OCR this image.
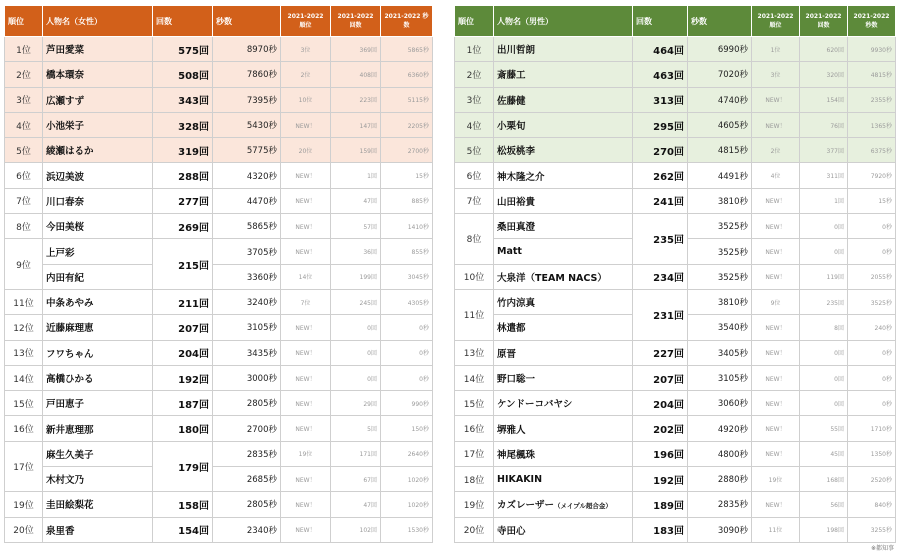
順位	人物名（女性）	回数	秒数	2021-2022 順位	2021-2022 回数	2021-2022 秒数
1位	芦田愛菜	575回	8970秒	3位	369回	5865秒
2位	橋本環奈	508回	7860秒	2位	408回	6360秒
3位	広瀬すず	343回	7395秒	10位	223回	5115秒
4位	小池栄子	328回	5430秒	NEW！	147回	2205秒
5位	綾瀬はるか	319回	5775秒	20位	159回	2700秒
6位	浜辺美波	288回	4320秒	NEW！	1回	15秒
7位	川口春奈	277回	4470秒	NEW！	47回	885秒
8位	今田美桜	269回	5865秒	NEW！	57回	1410秒
9位	上戸彩	215回	3705秒	NEW！	36回	855秒
	内田有紀		3360秒	14位	199回	3045秒
11位	中条あやみ	211回	3240秒	7位	245回	4305秒
12位	近藤麻理恵	207回	3105秒	NEW！	0回	0秒
13位	フワちゃん	204回	3435秒	NEW！	0回	0秒
14位	高橋ひかる	192回	3000秒	NEW！	0回	0秒
15位	戸田恵子	187回	2805秒	NEW！	29回	990秒
16位	新井恵理那	180回	2700秒	NEW！	5回	150秒
17位	麻生久美子	179回	2835秒	19位	171回	2640秒
	木村文乃		2685秒	NEW！	67回	1020秒
19位	圭田絵梨花	158回	2805秒	NEW！	47回	1020秒
20位	泉里香	154回	2340秒	NEW！	102回	1530秒
順位	人物名（男性）	回数	秒数	2021-2022 順位	2021-2022 回数	2021-2022 秒数
1位	出川哲朗	464回	6990秒	1位	620回	9930秒
2位	斎藤工	463回	7020秒	3位	320回	4815秒
3位	佐藤健	313回	4740秒	NEW！	154回	2355秒
4位	小栗旬	295回	4605秒	NEW！	76回	1365秒
5位	松坂桃李	270回	4815秒	2位	377回	6375秒
6位	神木隆之介	262回	4491秒	4位	311回	7920秒
7位	山田裕貴	241回	3810秒	NEW！	1回	15秒
8位	桑田真澄	235回	3525秒	NEW！	0回	0秒
	Matt		3525秒	NEW！	0回	0秒
10位	大泉洋（TEAM NACS）	234回	3525秒	NEW！	119回	2055秒
11位	竹内涼真	231回	3810秒	9位	235回	3525秒
	林遣都		3540秒	NEW！	8回	240秒
13位	原晋	227回	3405秒	NEW！	0回	0秒
14位	野口聡一	207回	3105秒	NEW！	0回	0秒
15位	ケンドーコバヤシ	204回	3060秒	NEW！	0回	0秒
16位	堺雅人	202回	4920秒	NEW！	55回	1710秒
17位	神尾楓珠	196回	4800秒	NEW！	45回	1350秒
18位	HIKAKIN	192回	2880秒	19位	168回	2520秒
19位	カズレーザー（メイプル超合金）	189回	2835秒	NEW！	56回	840秒
20位	寺田心	183回	3090秒	11位	198回	3255秒
※都知事
